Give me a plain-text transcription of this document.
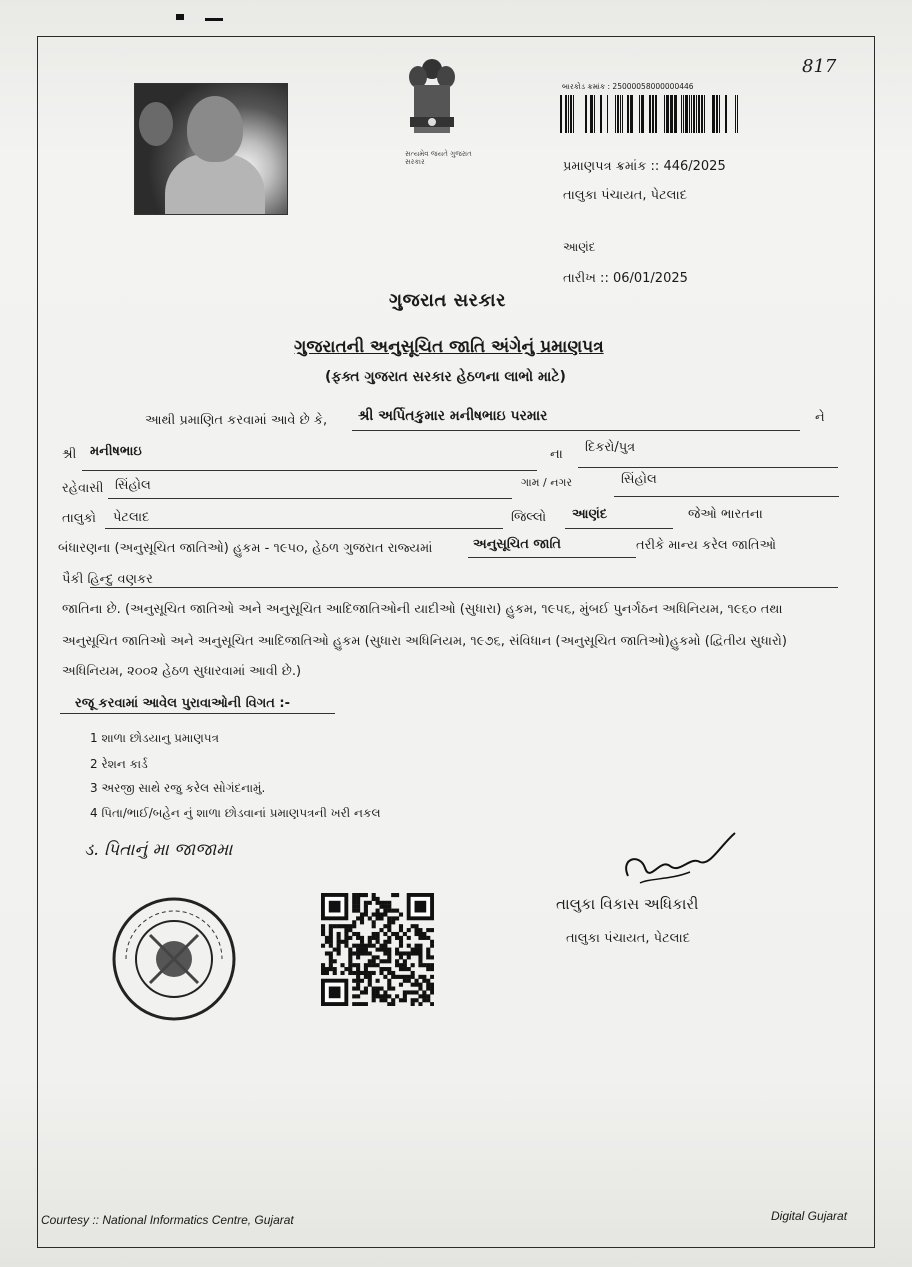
817
સત્યમેવ જયતે ગુજરાત સરકાર
બારકોડ ક્રમાંક : 25000058000000446
પ્રમાણપત્ર ક્રમાંક :: 446/2025
તાલુકા પંચાયત, પેટલાદ
આણંદ
તારીખ :: 06/01/2025
ગુજરાત સરકાર
ગુજરાતની અનુસૂચિત જાતિ અંગેનું પ્રમાણપત્ર
(ફક્ત ગુજરાત સરકાર હેઠળના લાભો માટે)
આથી પ્રમાણિત કરવામાં આવે છે કે, શ્રી અર્પિતકુમાર મનીષભાઇ પરમાર	ને
શ્રી મનીષભાઇ	ના દિકરો/પુત્ર
રહેવાસી સિંહોલ	ગામ / નગર	સિંહોલ
તાલુકો પેટલાદ	જિલ્લો આણંદ	જેઓ ભારતના
બંધારણના (અનુસૂચિત જાતિઓ) હુકમ - ૧૯૫૦, હેઠળ ગુજરાત રાજ્યમાં	અનુસૂચિત જાતિ	તરીકે માન્ય કરેલ જાતિઓ
પૈકી હિન્દુ વણકર
જાતિના છે. (અનુસૂચિત જાતિઓ અને અનુસૂચિત આદિજાતિઓની યાદીઓ (સુધારા) હુકમ, ૧૯૫૬, મુંબઈ પુનર્ગઠન અધિનિયમ, ૧૯૬૦ તથા
અનુસૂચિત જાતિઓ અને અનુસૂચિત આદિજાતિઓ હુકમ (સુધારા અધિનિયમ, ૧૯૭૬, સંવિધાન (અનુસૂચિત જાતિઓ)હુકમો (દ્વિતીય સુધારો)
અધિનિયમ, ૨૦૦૨ હેઠળ સુધારવામાં આવી છે.)
રજૂ કરવામાં આવેલ પુરાવાઓની વિગત :-
1 શાળા છોડયાનુ પ્રમાણપત્ર
2 રેશન કાર્ડ
3 અરજી સાથે રજુ કરેલ સોગંદનામું.
4 પિતા/ભાઈ/બહેન નું શાળા છોડવાનાં પ્રમાણપત્રની ખરી નકલ
ડ. પિતાનું મા જાજામા
તાલુકા વિકાસ અધિકારી
તાલુકા પંચાયત, પેટલાદ
Courtesy :: National Informatics Centre, Gujarat	Digital Gujarat
